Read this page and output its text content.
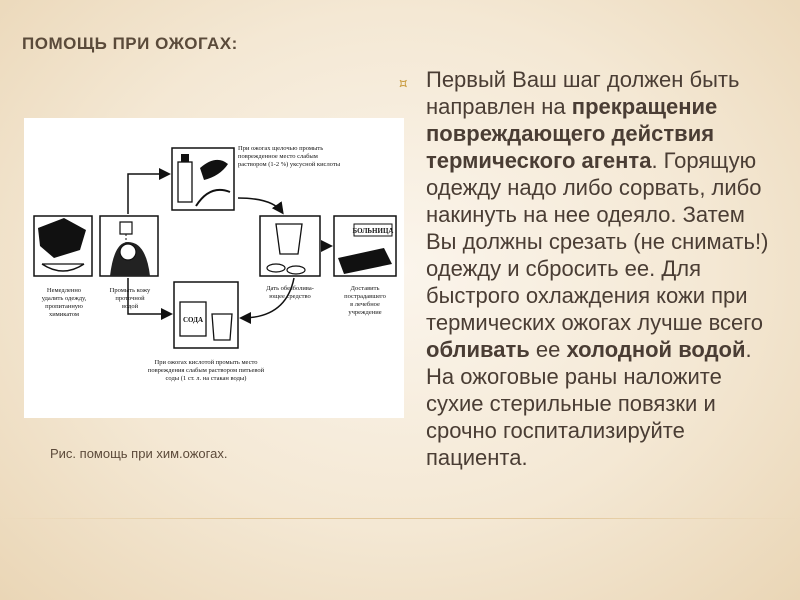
ПОМОЩЬ ПРИ ОЖОГАХ:
БОЛЬНИЦА
СОДА
При ожогах щелочью промыть
поврежденное место слабым
раствором (1-2 %) уксусной кислоты
Немедленно
удалить одежду,
пропитанную
химикатом
Промыть кожу
проточной
водой
Дать обезболива-
ющее средство
Доставить
пострадавшего
в лечебное
учреждение
При ожогах кислотой промыть место
повреждения слабым раствором питьевой
соды (1 ст. л. на стакан воды)
Рис. помощь при хим.ожогах.
⯏ Первый Ваш шаг должен быть направлен на прекращение повреждающего действия термического агента. Горящую одежду надо либо сорвать, либо накинуть на нее одеяло. Затем Вы должны срезать (не снимать!) одежду и сбросить ее. Для быстрого охлаждения кожи при термических ожогах лучше всего обливать ее холодной водой. На ожоговые раны наложите сухие стерильные повязки и срочно госпитализируйте пациента.
